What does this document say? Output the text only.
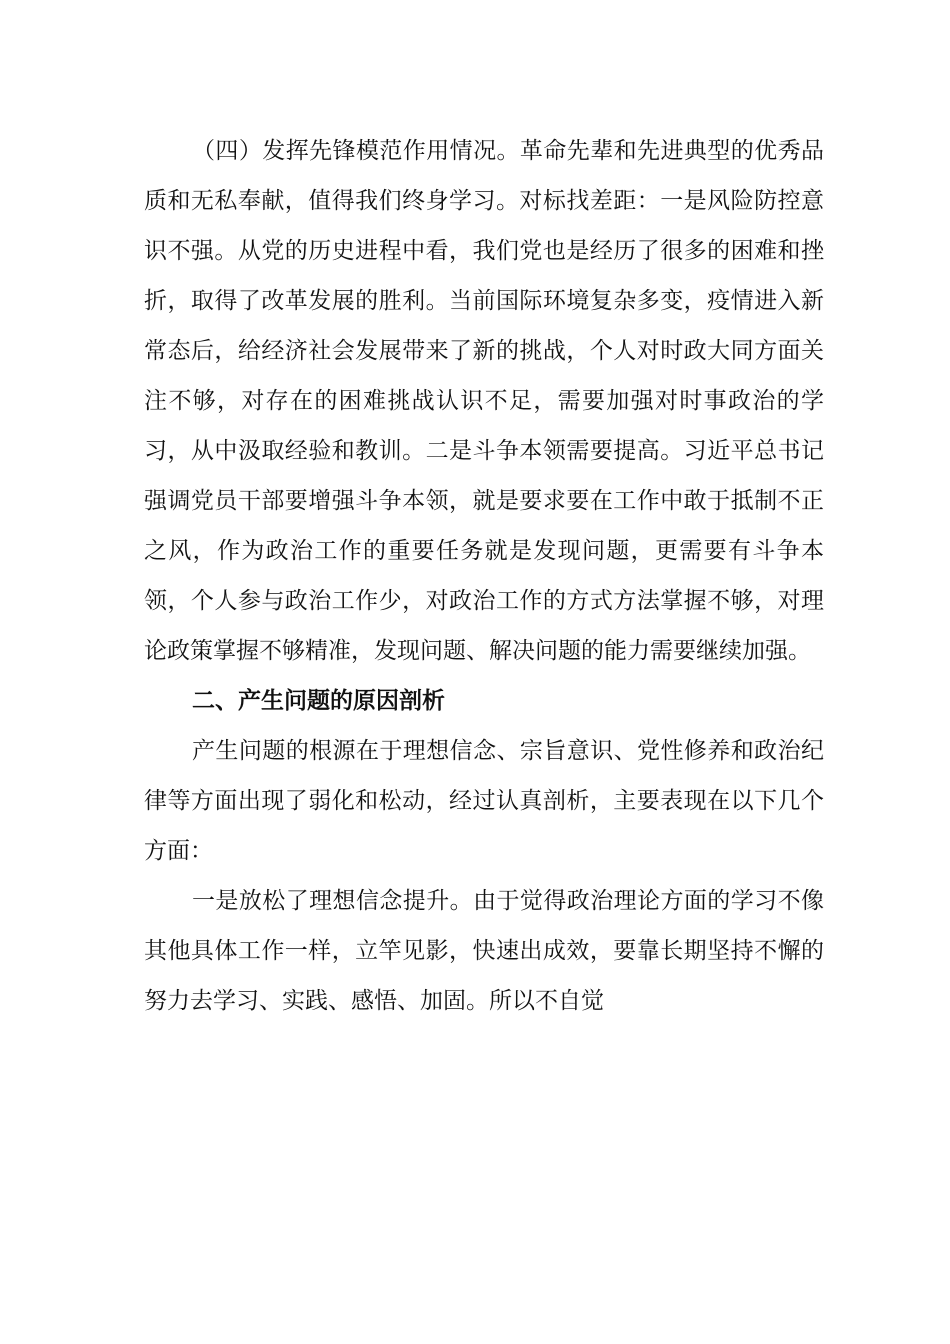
（四）发挥先锋模范作用情况。革命先辈和先进典型的优秀品质和无私奉献，值得我们终身学习。对标找差距：一是风险防控意识不强。从党的历史进程中看，我们党也是经历了很多的困难和挫折，取得了改革发展的胜利。当前国际环境复杂多变，疫情进入新常态后，给经济社会发展带来了新的挑战，个人对时政大同方面关注不够，对存在的困难挑战认识不足，需要加强对时事政治的学习，从中汲取经验和教训。二是斗争本领需要提高。习近平总书记强调党员干部要增强斗争本领，就是要求要在工作中敢于抵制不正之风，作为政治工作的重要任务就是发现问题，更需要有斗争本领，个人参与政治工作少，对政治工作的方式方法掌握不够，对理论政策掌握不够精准，发现问题、解决问题的能力需要继续加强。

二、产生问题的原因剖析

产生问题的根源在于理想信念、宗旨意识、党性修养和政治纪律等方面出现了弱化和松动，经过认真剖析，主要表现在以下几个方面：

一是放松了理想信念提升。由于觉得政治理论方面的学习不像其他具体工作一样，立竿见影，快速出成效，要靠长期坚持不懈的努力去学习、实践、感悟、加固。所以不自觉
